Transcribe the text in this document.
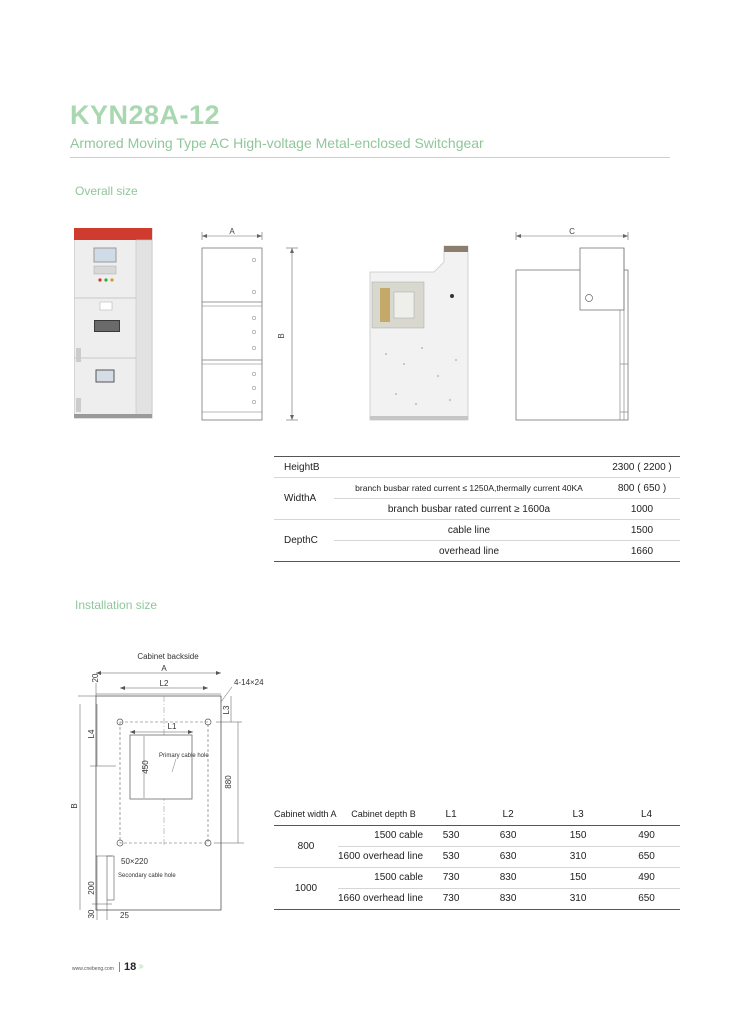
KYN28A-12
Armored Moving Type AC High-voltage Metal-enclosed Switchgear
Overall size
A
B
C
HeightB		2300 ( 2200 )
WidthA	branch busbar rated current ≤ 1250A,thermally current 40KA	800 ( 650 )
	branch busbar rated current ≥ 1600a	1000
DepthC	cable line	1500
	overhead line	1660
Installation size
Cabinet backside
A
L2	4-14×24
L1
450
Primary cable hole
L3
880
20
L4
B
50×220
Secondary cable hole
200
30	25
Cabinet width A	Cabinet depth B	L1	L2	L3	L4
800	1500 cable	530	630	150	490
	1600 overhead line	530	630	310	650
1000	1500 cable	730	830	150	490
	1660 overhead line	730	830	310	650
www.cnebeng.com 18 ›››
